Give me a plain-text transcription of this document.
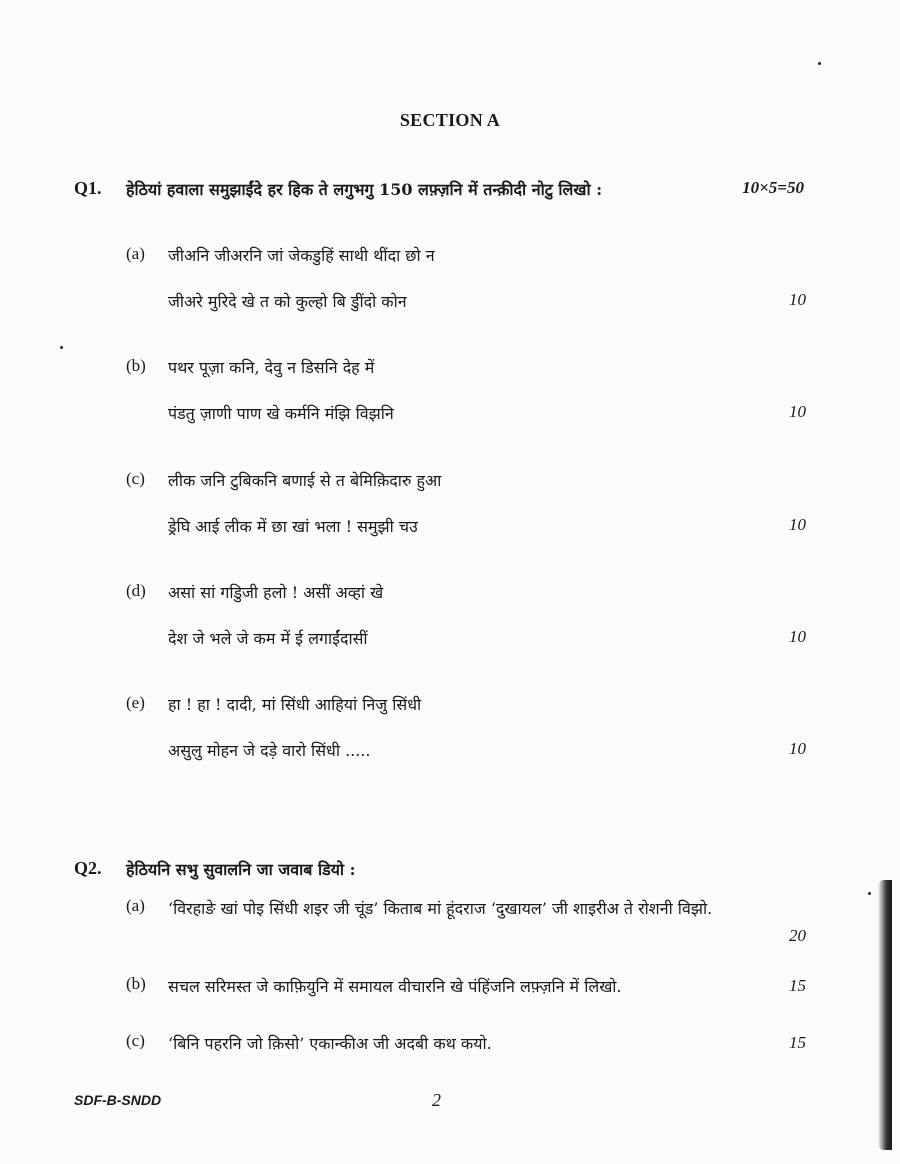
SECTION A
Q1.	हेठियां हवाला समुझाईंदे हर हिक ते लगुभगु 150 लफ़्ज़नि में तन्क़ीदी नोटु लिखो :	10×5=50
(a) जीअनि जीअरनि जां जेकडुहिं साथी थींदा छो न
जीअरे मुरिदे खे त को कुल्हो बि डुींदो कोन	10
(b) पथर पूज़ा कनि, देवु न डिसनि देह में
पंडतु ज़ाणी पाण खे कर्मनि मंझि विझनि	10
(c) लीक जनि टुबिकनि बणाई से त बेमिक़िदारु हुआ
ड्रेघि आई लीक में छा खां भला ! समुझी चउ	10
(d) असां सां गडुिजी हलो ! असीं अव्हां खे
देश जे भले जे कम में ई लगाईंदासीं	10
(e) हा ! हा ! दादी, मां सिंधी आहियां निजु सिंधी
असुलु मोहन जे दड़े वारो सिंधी .....	10
Q2.	हेठियनि सभु सुवालनि जा जवाब डियो :
(a) ‘विरहाङे खां पोइ सिंधी शइर जी चूंड’ किताब मां हूंदराज ‘दुखायल’ जी शाइरीअ ते रोशनी विझो.
20
(b) सचल सरिमस्त जे काफ़ियुनि में समायल वीचारनि खे पंहिंजनि लफ़्ज़नि में लिखो.	15
(c) ‘बिनि पहरनि जो क़िसो’ एकान्कीअ जी अदबी कथ कयो.	15
SDF-B-SNDD	2
